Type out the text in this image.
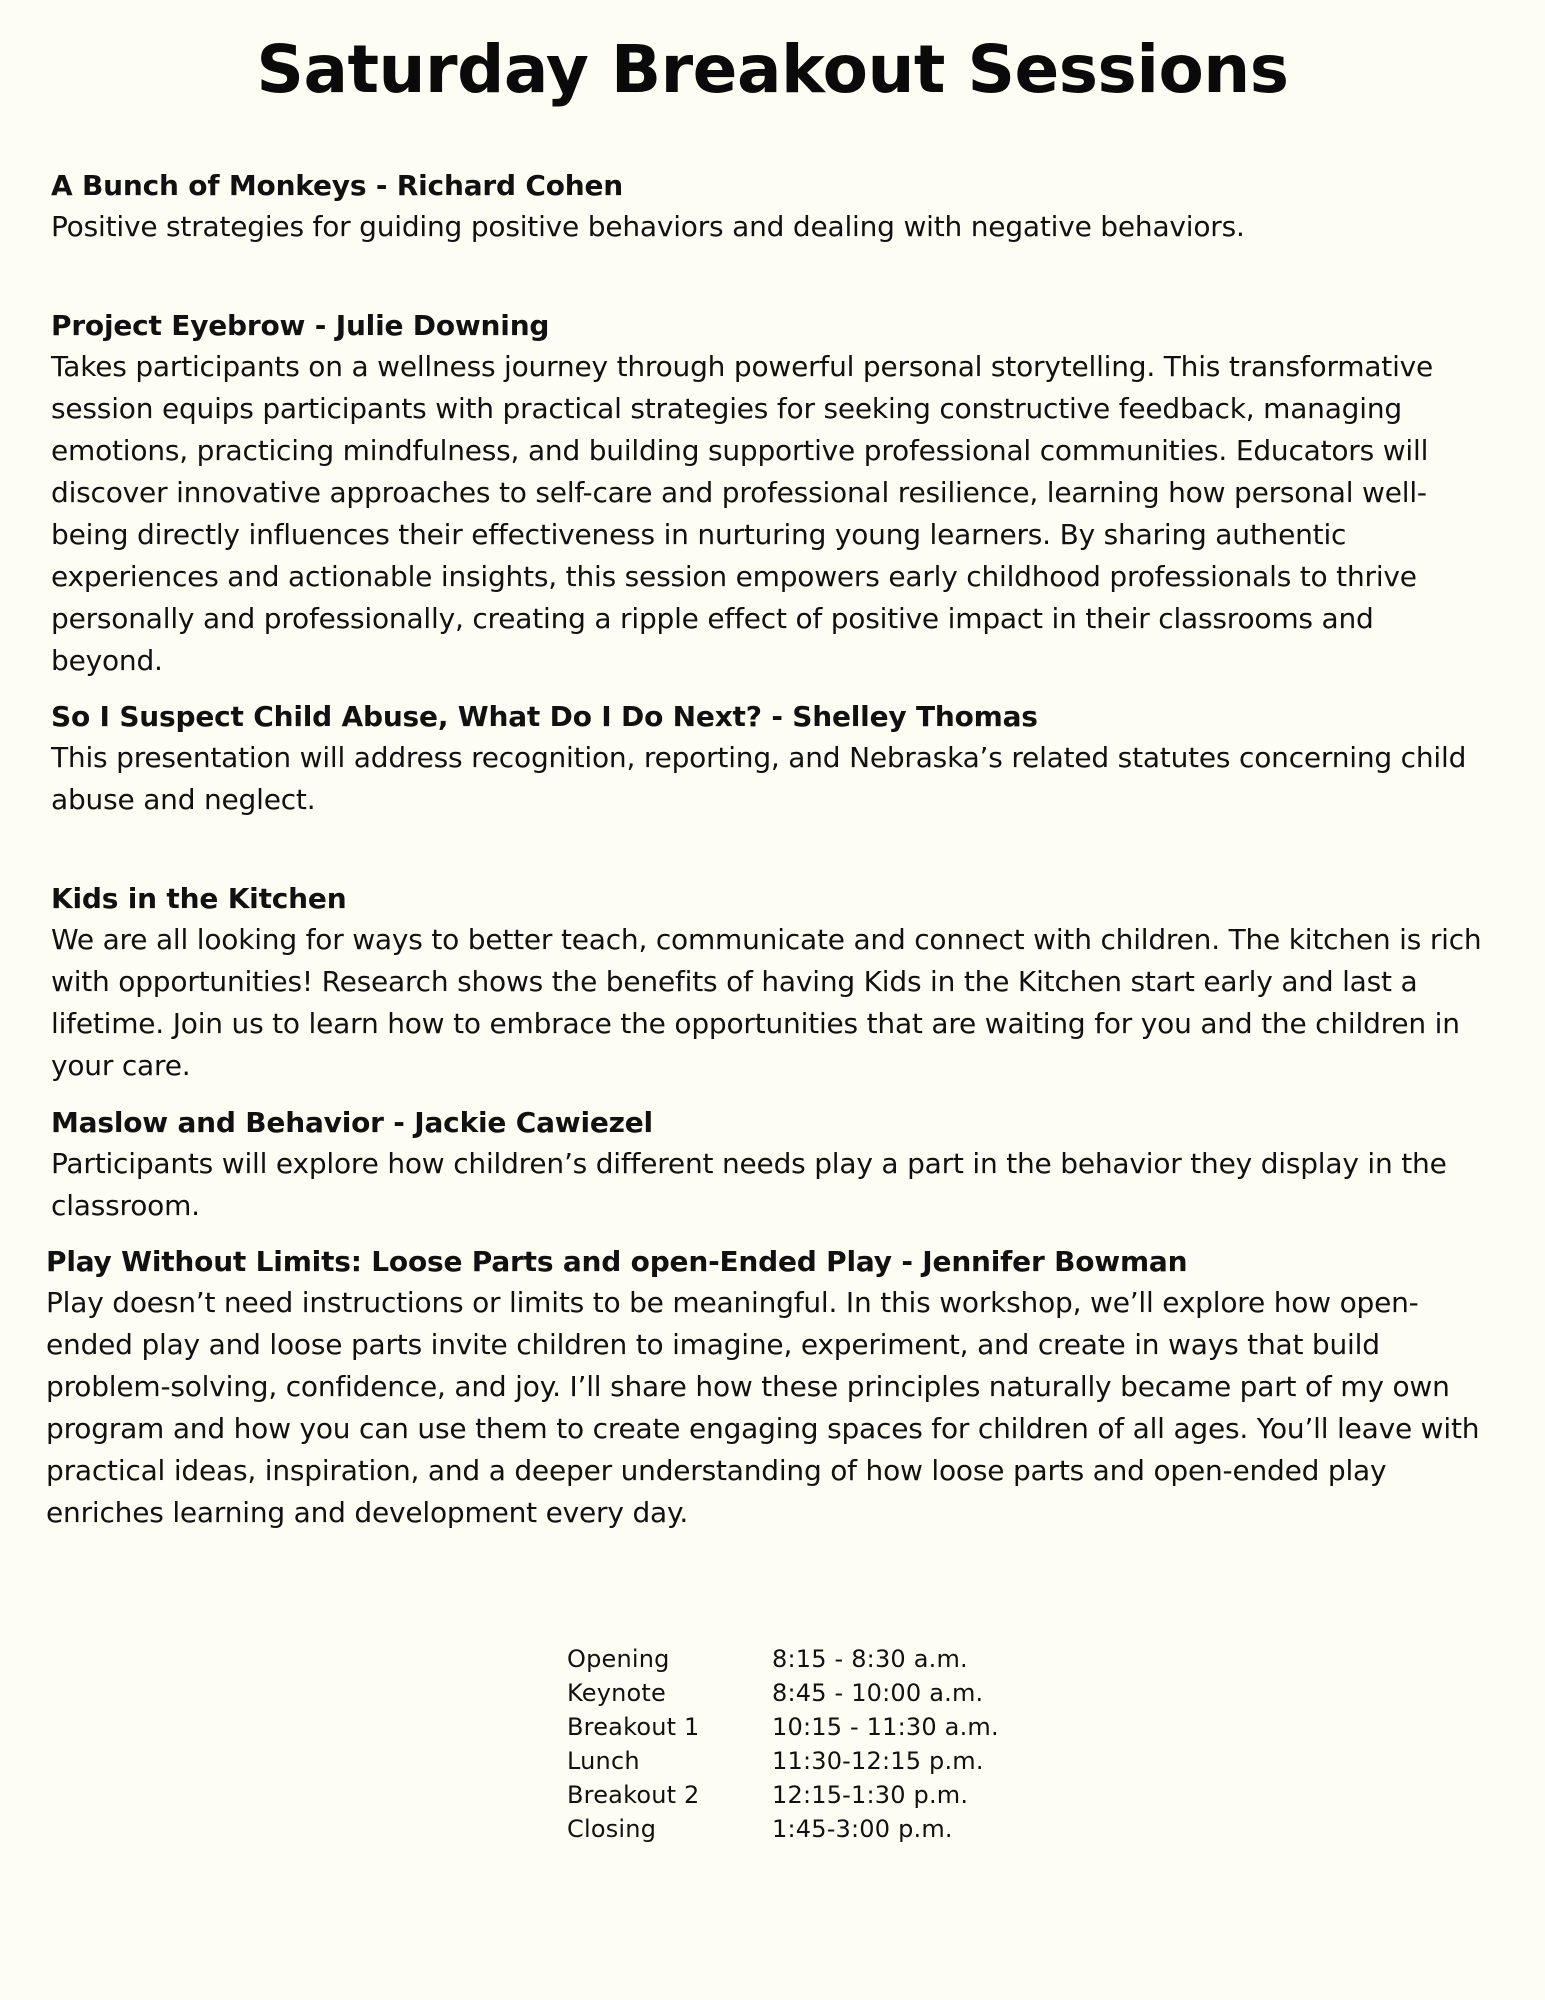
Saturday Breakout Sessions
A Bunch of Monkeys - Richard Cohen
Positive strategies for guiding positive behaviors and dealing with negative behaviors.
Project Eyebrow - Julie Downing
Takes participants on a wellness journey through powerful personal storytelling. This transformative session equips participants with practical strategies for seeking constructive feedback, managing emotions, practicing mindfulness, and building supportive professional communities. Educators will discover innovative approaches to self-care and professional resilience, learning how personal well-being directly influences their effectiveness in nurturing young learners. By sharing authentic experiences and actionable insights, this session empowers early childhood professionals to thrive personally and professionally, creating a ripple effect of positive impact in their classrooms and beyond.
So I Suspect Child Abuse, What Do I Do Next? - Shelley Thomas
This presentation will address recognition, reporting, and Nebraska’s related statutes concerning child abuse and neglect.
Kids in the Kitchen
We are all looking for ways to better teach, communicate and connect with children. The kitchen is rich with opportunities! Research shows the benefits of having Kids in the Kitchen start early and last a lifetime. Join us to learn how to embrace the opportunities that are waiting for you and the children in your care.
Maslow and Behavior - Jackie Cawiezel
Participants will explore how children’s different needs play a part in the behavior they display in the classroom.
Play Without Limits: Loose Parts and open-Ended Play - Jennifer Bowman
Play doesn’t need instructions or limits to be meaningful. In this workshop, we’ll explore how open-ended play and loose parts invite children to imagine, experiment, and create in ways that build problem-solving, confidence, and joy. I’ll share how these principles naturally became part of my own program and how you can use them to create engaging spaces for children of all ages. You’ll leave with practical ideas, inspiration, and a deeper understanding of how loose parts and open-ended play enriches learning and development every day.
Opening	8:15 - 8:30 a.m.
Keynote	8:45 - 10:00 a.m.
Breakout 1	10:15 - 11:30 a.m.
Lunch	11:30-12:15 p.m.
Breakout 2	12:15-1:30 p.m.
Closing	1:45-3:00 p.m.
